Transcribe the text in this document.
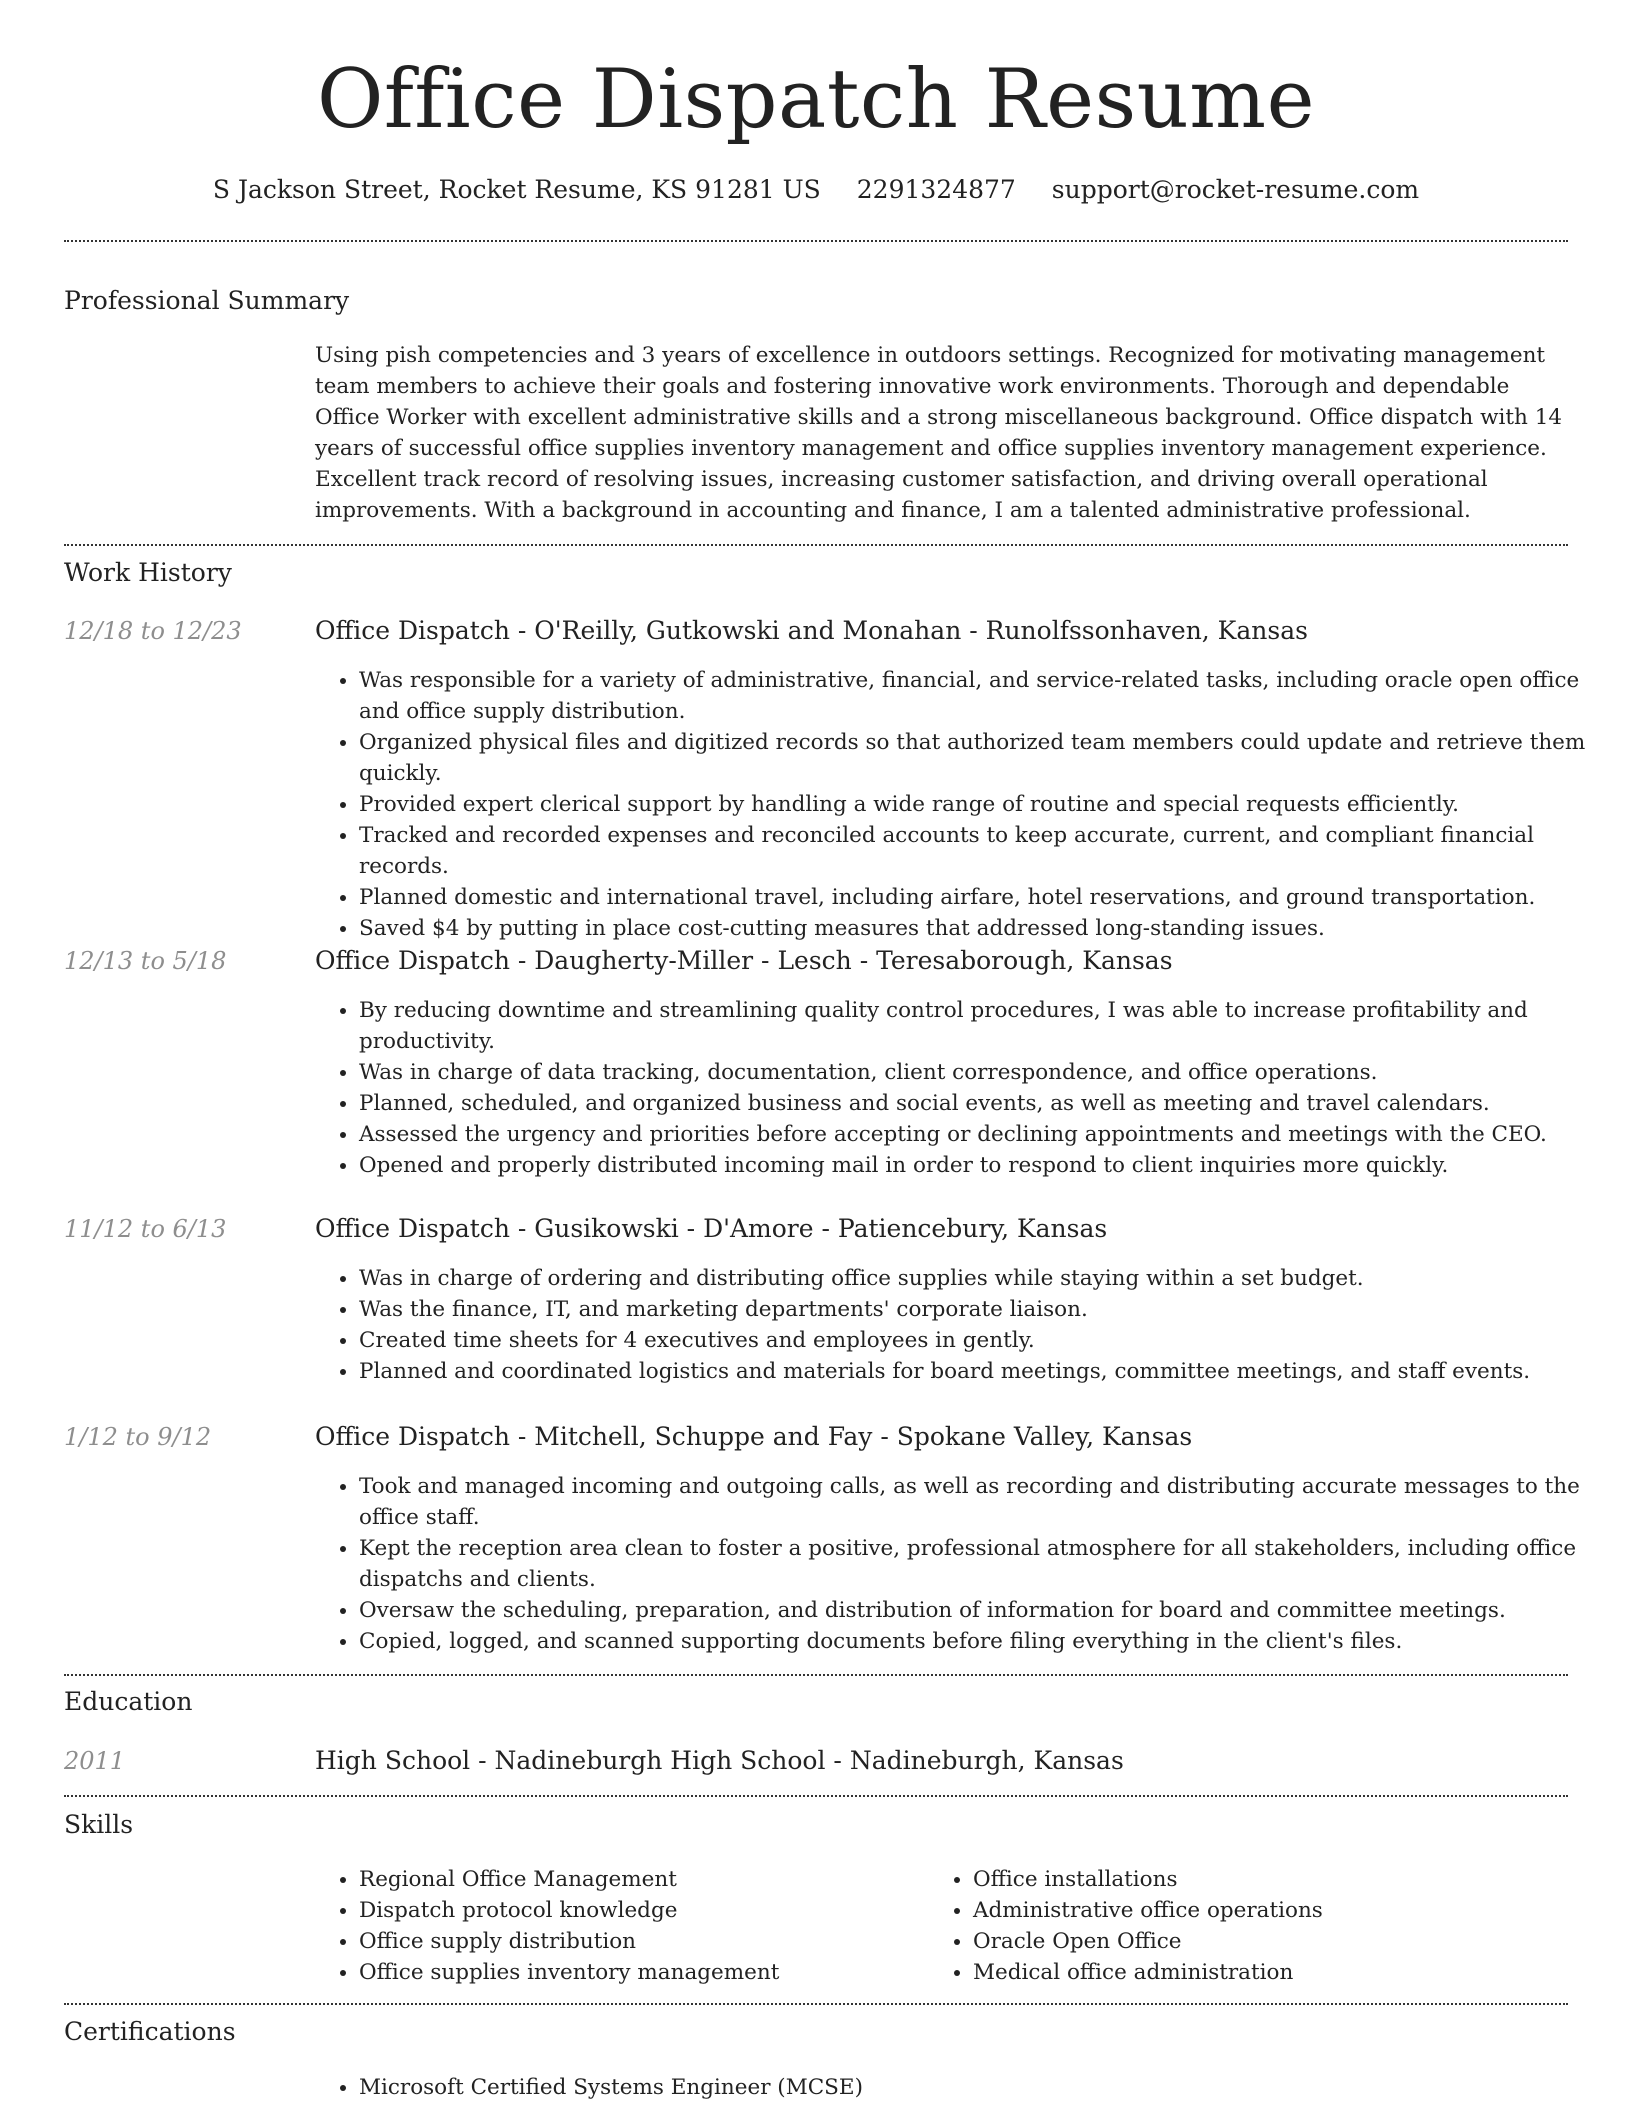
Office Dispatch Resume
S Jackson Street, Rocket Resume, KS 91281 US 2291324877 support@rocket-resume.com
Professional Summary

Using pish competencies and 3 years of excellence in outdoors settings. Recognized for motivating management team members to achieve their goals and fostering innovative work environments. Thorough and dependable Office Worker with excellent administrative skills and a strong miscellaneous background. Office dispatch with 14 years of successful office supplies inventory management and office supplies inventory management experience. Excellent track record of resolving issues, increasing customer satisfaction, and driving overall operational improvements. With a background in accounting and finance, I am a talented administrative professional.

Work History
12/18 to 12/23	Office Dispatch - O'Reilly, Gutkowski and Monahan - Runolfssonhaven, Kansas
• Was responsible for a variety of administrative, financial, and service-related tasks, including oracle open office and office supply distribution.
• Organized physical files and digitized records so that authorized team members could update and retrieve them quickly.
• Provided expert clerical support by handling a wide range of routine and special requests efficiently.
• Tracked and recorded expenses and reconciled accounts to keep accurate, current, and compliant financial records.
• Planned domestic and international travel, including airfare, hotel reservations, and ground transportation.
• Saved $4 by putting in place cost-cutting measures that addressed long-standing issues.
12/13 to 5/18	Office Dispatch - Daugherty-Miller - Lesch - Teresaborough, Kansas
• By reducing downtime and streamlining quality control procedures, I was able to increase profitability and productivity.
• Was in charge of data tracking, documentation, client correspondence, and office operations.
• Planned, scheduled, and organized business and social events, as well as meeting and travel calendars.
• Assessed the urgency and priorities before accepting or declining appointments and meetings with the CEO.
• Opened and properly distributed incoming mail in order to respond to client inquiries more quickly.
11/12 to 6/13	Office Dispatch - Gusikowski - D'Amore - Patiencebury, Kansas
• Was in charge of ordering and distributing office supplies while staying within a set budget.
• Was the finance, IT, and marketing departments' corporate liaison.
• Created time sheets for 4 executives and employees in gently.
• Planned and coordinated logistics and materials for board meetings, committee meetings, and staff events.
1/12 to 9/12	Office Dispatch - Mitchell, Schuppe and Fay - Spokane Valley, Kansas
• Took and managed incoming and outgoing calls, as well as recording and distributing accurate messages to the office staff.
• Kept the reception area clean to foster a positive, professional atmosphere for all stakeholders, including office dispatchs and clients.
• Oversaw the scheduling, preparation, and distribution of information for board and committee meetings.
• Copied, logged, and scanned supporting documents before filing everything in the client's files.
Education
2011	High School - Nadineburgh High School - Nadineburgh, Kansas
Skills
• Regional Office Management
• Dispatch protocol knowledge
• Office supply distribution
• Office supplies inventory management
• Office installations
• Administrative office operations
• Oracle Open Office
• Medical office administration
Certifications
• Microsoft Certified Systems Engineer (MCSE)
